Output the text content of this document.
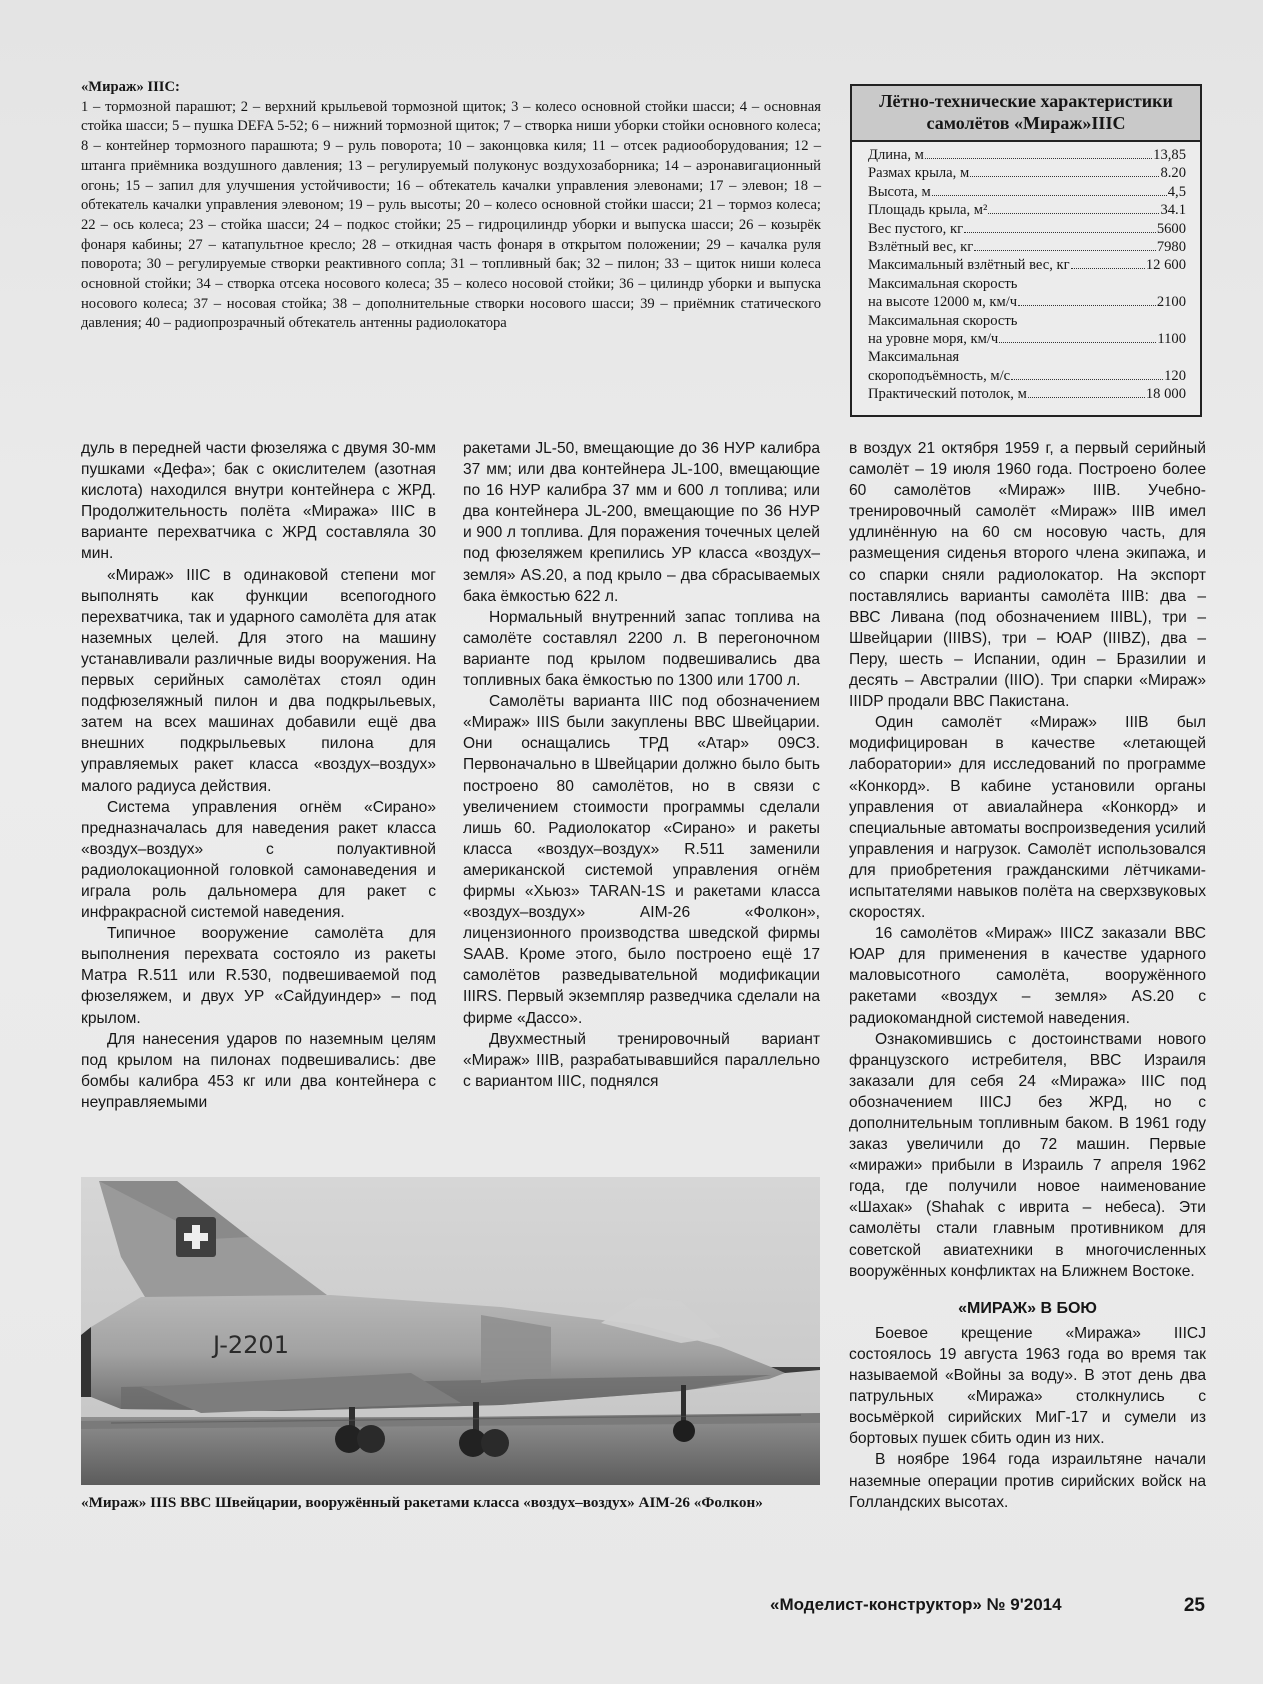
«Мираж» IIIС:
1 – тормозной парашют; 2 – верхний крыльевой тормозной щиток; 3 – колесо основной стойки шасси; 4 – основная стойка шасси; 5 – пушка DEFA 5-52; 6 – нижний тормозной щиток; 7 – створка ниши уборки стойки основного колеса; 8 – контейнер тормозного парашюта; 9 – руль поворота; 10 – законцовка киля; 11 – отсек радиооборудования; 12 – штанга приёмника воздушного давления; 13 – регулируемый полуконус воздухозаборника; 14 – аэронавигационный огонь; 15 – запил для улучшения устойчивости; 16 – обтекатель качалки управления элевонами; 17 – элевон; 18 – обтекатель качалки управления элевоном; 19 – руль высоты; 20 – колесо основной стойки шасси; 21 – тормоз колеса; 22 – ось колеса; 23 – стойка шасси; 24 – подкос стойки; 25 – гидроцилиндр уборки и выпуска шасси; 26 – козырёк фонаря кабины; 27 – катапультное кресло; 28 – откидная часть фонаря в открытом положении; 29 – качалка руля поворота; 30 – регулируемые створки реактивного сопла; 31 – топливный бак; 32 – пилон; 33 – щиток ниши колеса основной стойки; 34 – створка отсека носового колеса; 35 – колесо носовой стойки; 36 – цилиндр уборки и выпуска носового колеса; 37 – носовая стойка; 38 – дополнительные створки носового шасси; 39 – приёмник статического давления; 40 – радиопрозрачный обтекатель антенны радиолокатора
Лётно-технические характеристики самолётов «Мираж»IIIC
Длина, м	13,85
Размах крыла, м	8.20
Высота, м	4,5
Площадь крыла, м²	34.1
Вес пустого, кг	5600
Взлётный вес, кг	7980
Максимальный взлётный вес, кг	12 600
Максимальная скорость
на высоте 12000 м, км/ч	2100
Максимальная скорость
на уровне моря, км/ч	1100
Максимальная
скороподъёмность, м/с	120
Практический потолок, м	18 000

дуль в передней части фюзеляжа с двумя 30-мм пушками «Дефа»; бак с окислителем (азотная кислота) находился внутри контейнера с ЖРД. Продолжительность полёта «Миража» IIIC в варианте перехватчика с ЖРД составляла 30 мин.

«Мираж» IIIC в одинаковой степени мог выполнять как функции всепогодного перехватчика, так и ударного самолёта для атак наземных целей. Для этого на машину устанавливали различные виды вооружения. На первых серийных самолётах стоял один подфюзеляжный пилон и два подкрыльевых, затем на всех машинах добавили ещё два внешних подкрыльевых пилона для управляемых ракет класса «воздух–воздух» малого радиуса действия.

Система управления огнём «Сирано» предназначалась для наведения ракет класса «воздух–воздух» с полуактивной радиолокационной головкой самонаведения и играла роль дальномера для ракет с инфракрасной системой наведения.

Типичное вооружение самолёта для выполнения перехвата состояло из ракеты Матра R.511 или R.530, подвешиваемой под фюзеляжем, и двух УР «Сайдуиндер» – под крылом.

Для нанесения ударов по наземным целям под крылом на пилонах подвешивались: две бомбы калибра 453 кг или два контейнера с неуправляемыми

ракетами JL-50, вмещающие до 36 НУР калибра 37 мм; или два контейнера JL-100, вмещающие по 16 НУР калибра 37 мм и 600 л топлива; или два контейнера JL-200, вмещающие по 36 НУР и 900 л топлива. Для поражения точечных целей под фюзеляжем крепились УР класса «воздух–земля» AS.20, а под крыло – два сбрасываемых бака ёмкостью 622 л.

Нормальный внутренний запас топлива на самолёте составлял 2200 л. В перегоночном варианте под крылом подвешивались два топливных бака ёмкостью по 1300 или 1700 л.

Самолёты варианта IIIC под обозначением «Мираж» IIIS были закуплены ВВС Швейцарии. Они оснащались ТРД «Атар» 09СЗ. Первоначально в Швейцарии должно было быть построено 80 самолётов, но в связи с увеличением стоимости программы сделали лишь 60. Радиолокатор «Сирано» и ракеты класса «воздух–воздух» R.511 заменили американской системой управления огнём фирмы «Хьюз» TARAN-1S и ракетами класса «воздух–воздух» AIM-26 «Фолкон», лицензионного производства шведской фирмы SAAB. Кроме этого, было построено ещё 17 самолётов разведывательной модификации IIIRS. Первый экземпляр разведчика сделали на фирме «Дассо».

Двухместный тренировочный вариант «Мираж» IIIB, разрабатывавшийся параллельно с вариантом IIIC, поднялся

в воздух 21 октября 1959 г, а первый серийный самолёт – 19 июля 1960 года. Построено более 60 самолётов «Мираж» IIIB. Учебно-тренировочный самолёт «Мираж» IIIB имел удлинённую на 60 см носовую часть, для размещения сиденья второго члена экипажа, и со спарки сняли радиолокатор. На экспорт поставлялись варианты самолёта IIIB: два – ВВС Ливана (под обозначением IIIBL), три – Швейцарии (IIIBS), три – ЮАР (IIIBZ), два – Перу, шесть – Испании, один – Бразилии и десять – Австралии (IIIO). Три спарки «Мираж» IIIDP продали ВВС Пакистана.

Один самолёт «Мираж» IIIB был модифицирован в качестве «летающей лаборатории» для исследований по программе «Конкорд». В кабине установили органы управления от авиалайнера «Конкорд» и специальные автоматы воспроизведения усилий управления и нагрузок. Самолёт использовался для приобретения гражданскими лётчиками-испытателями навыков полёта на сверхзвуковых скоростях.

16 самолётов «Мираж» IIICZ заказали ВВС ЮАР для применения в качестве ударного маловысотного самолёта, вооружённого ракетами «воздух – земля» AS.20 с радиокомандной системой наведения.

Ознакомившись с достоинствами нового французского истребителя, ВВС Израиля заказали для себя 24 «Миража» IIIC под обозначением IIICJ без ЖРД, но с дополнительным топливным баком. В 1961 году заказ увеличили до 72 машин. Первые «миражи» прибыли в Израиль 7 апреля 1962 года, где получили новое наименование «Шахак» (Shahak с иврита – небеса). Эти самолёты стали главным противником для советской авиатехники в многочисленных вооружённых конфликтах на Ближнем Востоке.

«МИРАЖ» В БОЮ

Боевое крещение «Миража» IIICJ состоялось 19 августа 1963 года во время так называемой «Войны за воду». В этот день два патрульных «Миража» столкнулись с восьмёркой сирийских МиГ-17 и сумели из бортовых пушек сбить один из них.

В ноябре 1964 года израильтяне начали наземные операции против сирийских войск на Голландских высотах.

J-2201
«Мираж» IIIS ВВС Швейцарии, вооружённый ракетами класса «воздух–воздух» AIM-26 «Фолкон»
«Моделист-конструктор» № 9'2014	25
